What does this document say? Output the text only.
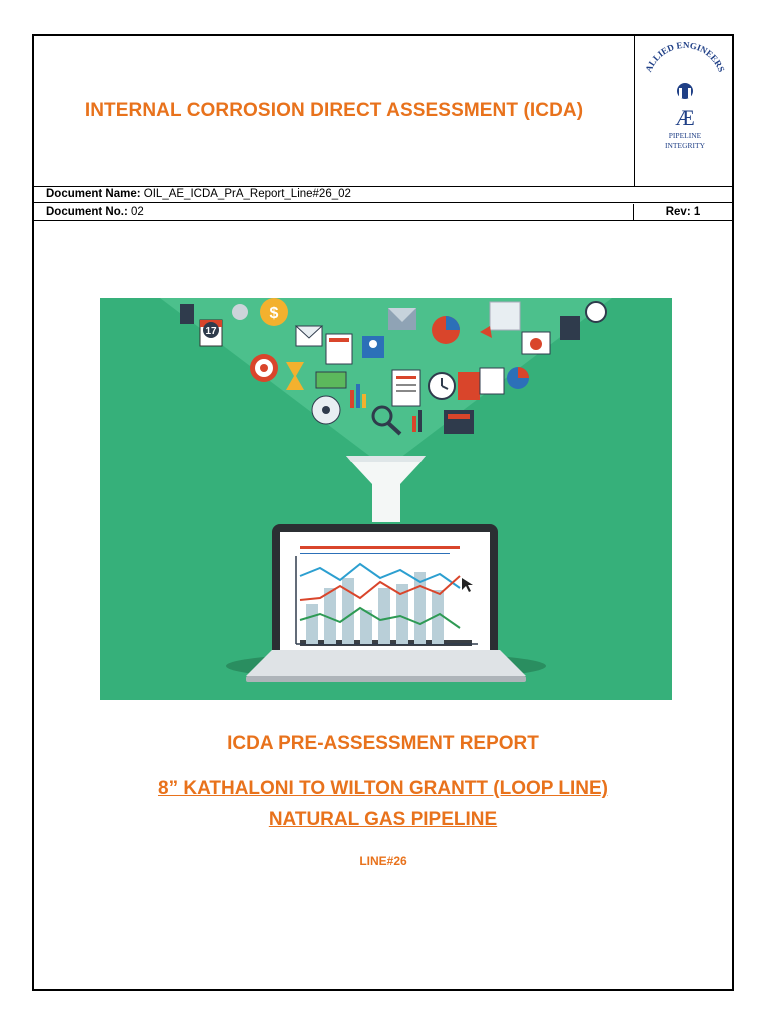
INTERNAL CORROSION DIRECT ASSESSMENT (ICDA)
ALLIED ENGINEERS
Æ
PIPELINE
INTEGRITY
Document Name: OIL_AE_ICDA_PrA_Report_Line#26_02
Document No.: 02	Rev: 1
17
$
ICDA PRE-ASSESSMENT REPORT
8” KATHALONI TO WILTON GRANTT (LOOP LINE)
NATURAL GAS PIPELINE
LINE#26
